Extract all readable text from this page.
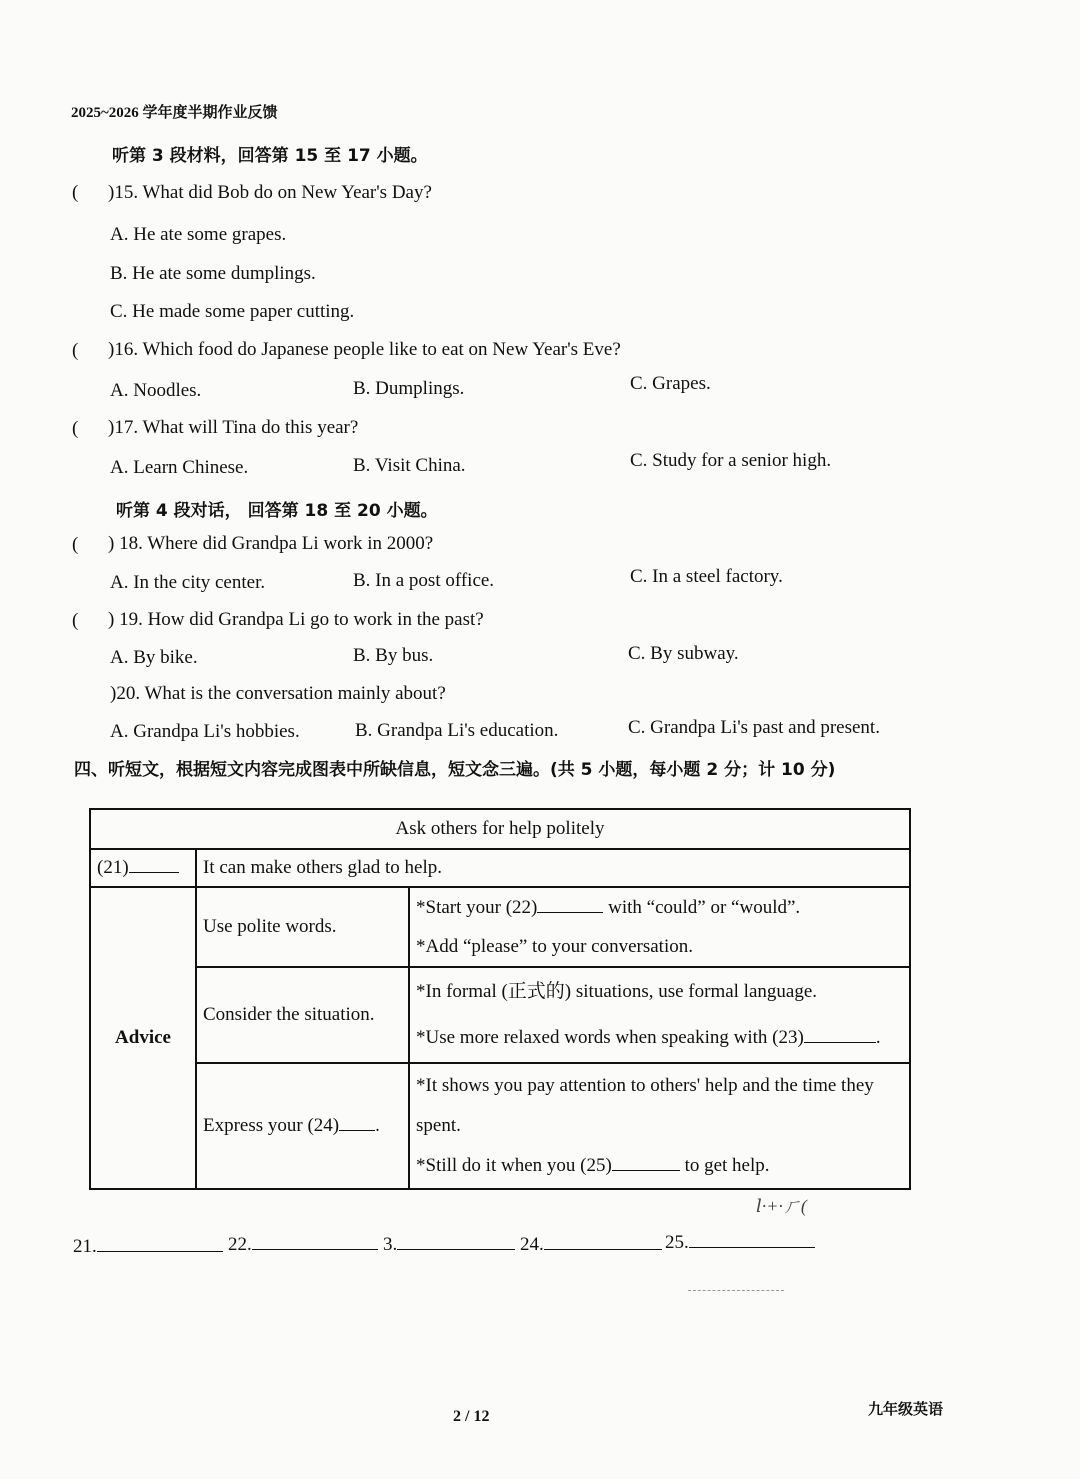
2025~2026 学年度半期作业反馈
听第 3 段材料，回答第 15 至 17 小题。
( )15. What did Bob do on New Year's Day?
A. He ate some grapes.
B. He ate some dumplings.
C. He made some paper cutting.
( )16. Which food do Japanese people like to eat on New Year's Eve?
A. Noodles.	B. Dumplings.	C. Grapes.
( )17. What will Tina do this year?
A. Learn Chinese.	B. Visit China.	C. Study for a senior high.
听第 4 段对话， 回答第 18 至 20 小题。
( ) 18. Where did Grandpa Li work in 2000?
A. In the city center.	B. In a post office.	C. In a steel factory.
( ) 19. How did Grandpa Li go to work in the past?
A. By bike.	B. By bus.	C. By subway.
)20. What is the conversation mainly about?
A. Grandpa Li's hobbies.	B. Grandpa Li's education.	C. Grandpa Li's past and present.
四、听短文，根据短文内容完成图表中所缺信息，短文念三遍。(共 5 小题，每小题 2 分；计 10 分)
Ask others for help politely		
(21)	It can make others glad to help.	
Advice	Use polite words.	*Start your (22) with “could” or “would”.
*Add “please” to your conversation.

	Consider the situation.	*In formal (正式的) situations, use formal language.
*Use more relaxed words when speaking with (23) .

	Express your (24) .	*It shows you pay attention to others' help and the time they
spent.
*Still do it when you (25) to get help.
ⅼ·+·ㄏ(
21.	22.	3.	24.	25.
2 / 12	九年级英语
